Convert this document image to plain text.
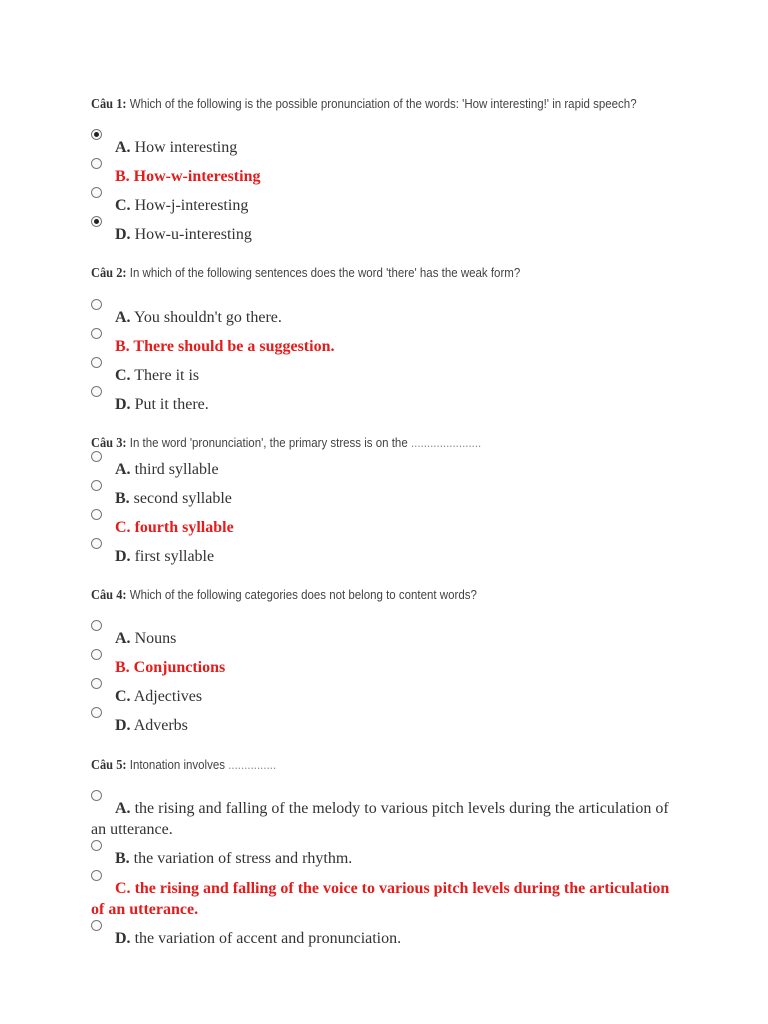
Câu 1: Which of the following is the possible pronunciation of the words: 'How interesting!' in rapid speech?
A. How interesting
B. How-w-interesting
C. How-j-interesting
D. How-u-interesting
Câu 2: In which of the following sentences does the word 'there' has the weak form?
A. You shouldn't go there.
B. There should be a suggestion.
C. There it is
D. Put it there.
Câu 3: In the word 'pronunciation', the primary stress is on the ......................
A. third syllable
B. second syllable
C. fourth syllable
D. first syllable
Câu 4: Which of the following categories does not belong to content words?
A. Nouns
B. Conjunctions
C. Adjectives
D. Adverbs
Câu 5: Intonation involves ...............
A. the rising and falling of the melody to various pitch levels during the articulation of an utterance.
B. the variation of stress and rhythm.
C. the rising and falling of the voice to various pitch levels during the articulation of an utterance.
D. the variation of accent and pronunciation.
